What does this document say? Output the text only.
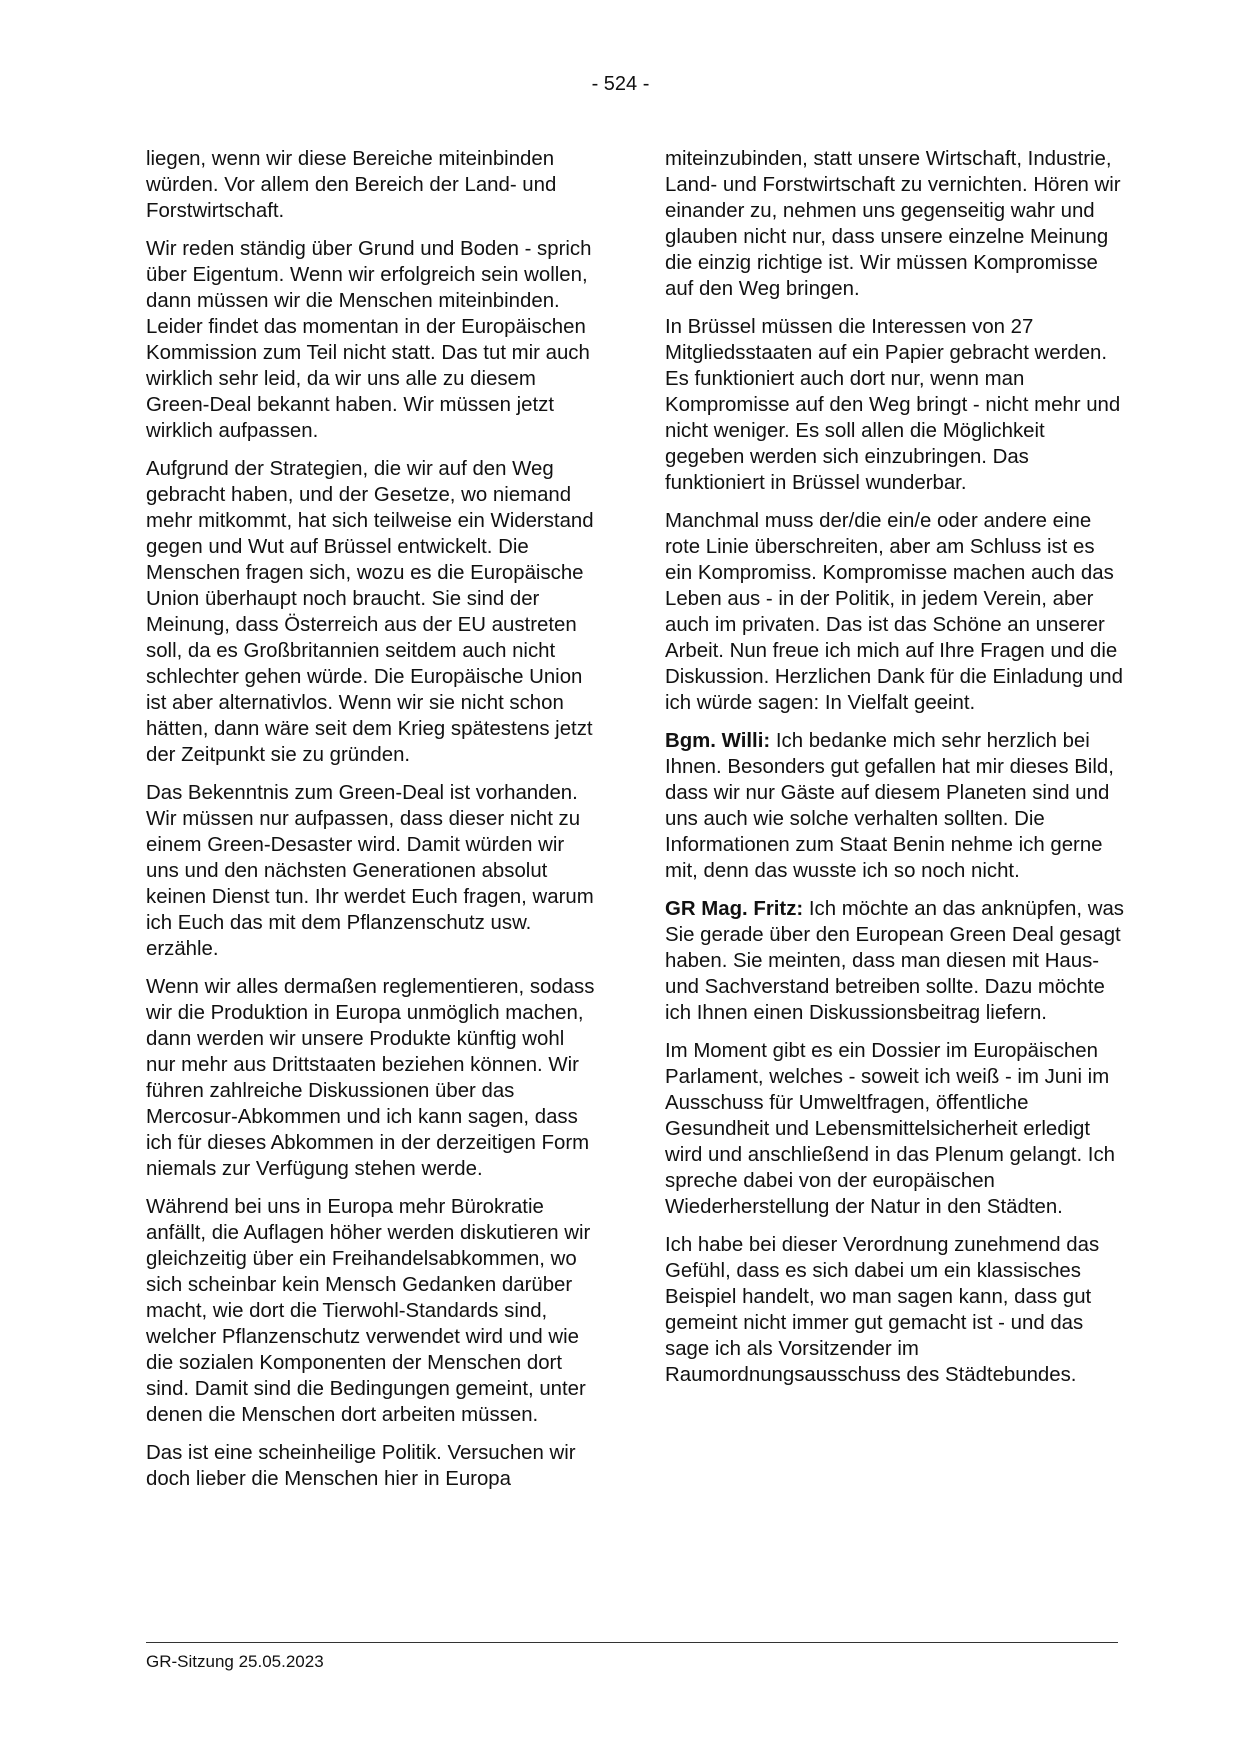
- 524 -

liegen, wenn wir diese Bereiche miteinbinden würden. Vor allem den Bereich der Land- und Forstwirtschaft.

Wir reden ständig über Grund und Boden - sprich über Eigentum. Wenn wir erfolgreich sein wollen, dann müssen wir die Menschen miteinbinden. Leider findet das momentan in der Europäischen Kommission zum Teil nicht statt. Das tut mir auch wirklich sehr leid, da wir uns alle zu diesem Green-Deal bekannt haben. Wir müssen jetzt wirklich aufpassen.

Aufgrund der Strategien, die wir auf den Weg gebracht haben, und der Gesetze, wo niemand mehr mitkommt, hat sich teilweise ein Widerstand gegen und Wut auf Brüssel entwickelt. Die Menschen fragen sich, wozu es die Europäische Union überhaupt noch braucht. Sie sind der Meinung, dass Österreich aus der EU austreten soll, da es Großbritannien seitdem auch nicht schlechter gehen würde. Die Europäische Union ist aber alternativlos. Wenn wir sie nicht schon hätten, dann wäre seit dem Krieg spätestens jetzt der Zeitpunkt sie zu gründen.

Das Bekenntnis zum Green-Deal ist vorhanden. Wir müssen nur aufpassen, dass dieser nicht zu einem Green-Desaster wird. Damit würden wir uns und den nächsten Generationen absolut keinen Dienst tun. Ihr werdet Euch fragen, warum ich Euch das mit dem Pflanzenschutz usw. erzähle.

Wenn wir alles dermaßen reglementieren, sodass wir die Produktion in Europa unmöglich machen, dann werden wir unsere Produkte künftig wohl nur mehr aus Drittstaaten beziehen können. Wir führen zahlreiche Diskussionen über das Mercosur-Abkommen und ich kann sagen, dass ich für dieses Abkommen in der derzeitigen Form niemals zur Verfügung stehen werde.

Während bei uns in Europa mehr Bürokratie anfällt, die Auflagen höher werden diskutieren wir gleichzeitig über ein Freihandelsabkommen, wo sich scheinbar kein Mensch Gedanken darüber macht, wie dort die Tierwohl-Standards sind, welcher Pflanzenschutz verwendet wird und wie die sozialen Komponenten der Menschen dort sind. Damit sind die Bedingungen gemeint, unter denen die Menschen dort arbeiten müssen.

Das ist eine scheinheilige Politik. Versuchen wir doch lieber die Menschen hier in Europa

miteinzubinden, statt unsere Wirtschaft, Industrie, Land- und Forstwirtschaft zu vernichten. Hören wir einander zu, nehmen uns gegenseitig wahr und glauben nicht nur, dass unsere einzelne Meinung die einzig richtige ist. Wir müssen Kompromisse auf den Weg bringen.

In Brüssel müssen die Interessen von 27 Mitgliedsstaaten auf ein Papier gebracht werden. Es funktioniert auch dort nur, wenn man Kompromisse auf den Weg bringt - nicht mehr und nicht weniger. Es soll allen die Möglichkeit gegeben werden sich einzubringen. Das funktioniert in Brüssel wunderbar.

Manchmal muss der/die ein/e oder andere eine rote Linie überschreiten, aber am Schluss ist es ein Kompromiss. Kompromisse machen auch das Leben aus - in der Politik, in jedem Verein, aber auch im privaten. Das ist das Schöne an unserer Arbeit. Nun freue ich mich auf Ihre Fragen und die Diskussion. Herzlichen Dank für die Einladung und ich würde sagen: In Vielfalt geeint.

Bgm. Willi: Ich bedanke mich sehr herzlich bei Ihnen. Besonders gut gefallen hat mir dieses Bild, dass wir nur Gäste auf diesem Planeten sind und uns auch wie solche verhalten sollten. Die Informationen zum Staat Benin nehme ich gerne mit, denn das wusste ich so noch nicht.

GR Mag. Fritz: Ich möchte an das anknüpfen, was Sie gerade über den European Green Deal gesagt haben. Sie meinten, dass man diesen mit Haus- und Sachverstand betreiben sollte. Dazu möchte ich Ihnen einen Diskussionsbeitrag liefern.

Im Moment gibt es ein Dossier im Europäischen Parlament, welches - soweit ich weiß - im Juni im Ausschuss für Umweltfragen, öffentliche Gesundheit und Lebensmittelsicherheit erledigt wird und anschließend in das Plenum gelangt. Ich spreche dabei von der europäischen Wiederherstellung der Natur in den Städten.

Ich habe bei dieser Verordnung zunehmend das Gefühl, dass es sich dabei um ein klassisches Beispiel handelt, wo man sagen kann, dass gut gemeint nicht immer gut gemacht ist - und das sage ich als Vorsitzender im Raumordnungsausschuss des Städtebundes.

GR-Sitzung 25.05.2023
